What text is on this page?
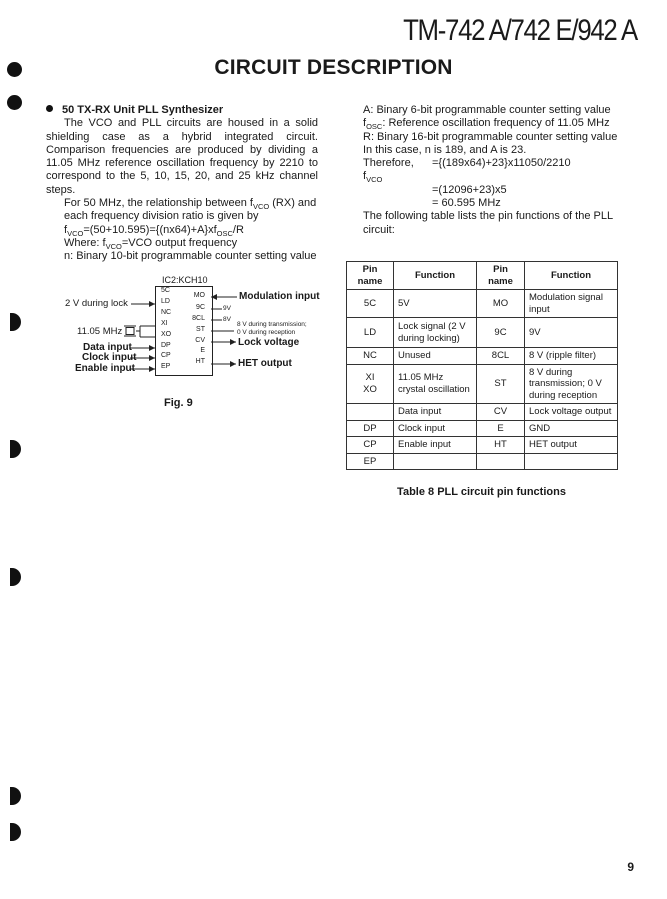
TM-742 A/742 E/942 A
CIRCUIT DESCRIPTION
9

50 TX-RX Unit PLL Synthesizer

The VCO and PLL circuits are housed in a solid shielding case as a hybrid integrated circuit. Comparison frequencies are produced by dividing a 11.05 MHz reference oscillation frequency by 2210 to correspond to the 5, 10, 15, 20, and 25 kHz channel steps.

For 50 MHz, the relationship between $f_{VCO}$ (RX) and each frequency division ratio is given by

$f_{VCO}=(50+10.595)=\{(nx64)+A\}xf_{OSC}/R$

Where: $f_{VCO}=VCO$ output frequency

n: Binary 10-bit programmable counter setting value

A: Binary 6-bit programmable counter setting value

$f_{OSC}$: Reference oscillation frequency of 11.05 MHz

R: Binary 16-bit programmable counter setting value

In this case, n is 189, and A is 23.

Therefore, $f_{VCO}$
={(189x64)+23}x11050/2210
=(12096+23)x5
= 60.595 MHz

The following table lists the pin functions of the PLL circuit:

IC2:KCH10
5C
LD
NC
XI
XO
DP
CP
EP
MO
9C
8CL
ST
CV
E
HT
2 V during lock
11.05 MHz
Data input
Clock input
Enable input
Modulation input
9V
8V
8 V during transmission;
0 V during reception
Lock voltage
HET output
Fig. 9
Pin name	Function	Pin name	Function
5C	5V	MO	Modulation signal input
LD	Lock signal (2 V during locking)	9C	9V
NC	Unused	8CL	8 V (ripple filter)

XI
XO	11.05 MHz crystal oscillation	ST	8 V during transmission; 0 V during reception
	Data input	CV	Lock voltage output
DP	Clock input	E	GND
CP	Enable input	HT	HET output
EP			
Table 8 PLL circuit pin functions
